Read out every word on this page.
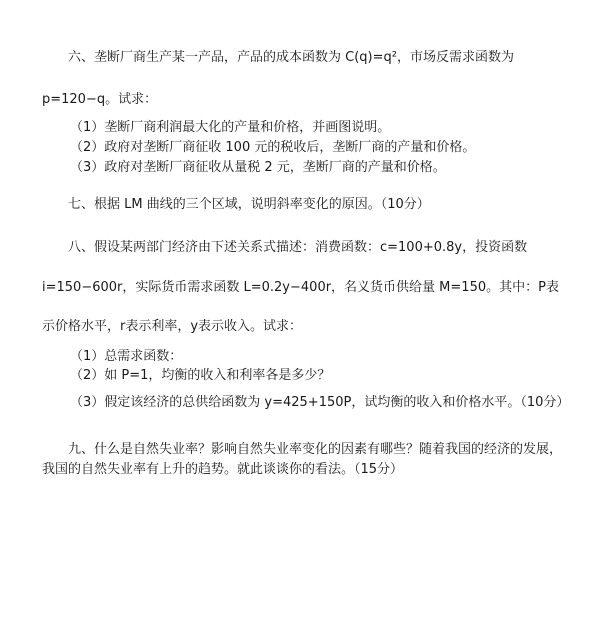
六、垄断厂商生产某一产品，产品的成本函数为 C(q)=q²，市场反需求函数为
p=120−q。试求：
（1）垄断厂商利润最大化的产量和价格，并画图说明。
（2）政府对垄断厂商征收 100 元的税收后，垄断厂商的产量和价格。
（3）政府对垄断厂商征收从量税 2 元，垄断厂商的产量和价格。
七、根据 LM 曲线的三个区域，说明斜率变化的原因。（10分）
八、假设某两部门经济由下述关系式描述：消费函数：c=100+0.8y，投资函数
i=150−600r，实际货币需求函数 L=0.2y−400r，名义货币供给量 M=150。其中：P表
示价格水平，r表示利率，y表示收入。试求：
（1）总需求函数：
（2）如 P=1，均衡的收入和利率各是多少？
（3）假定该经济的总供给函数为 y=425+150P，试均衡的收入和价格水平。（10分）
九、什么是自然失业率？影响自然失业率变化的因素有哪些？随着我国的经济的发展，
我国的自然失业率有上升的趋势。就此谈谈你的看法。（15分）
